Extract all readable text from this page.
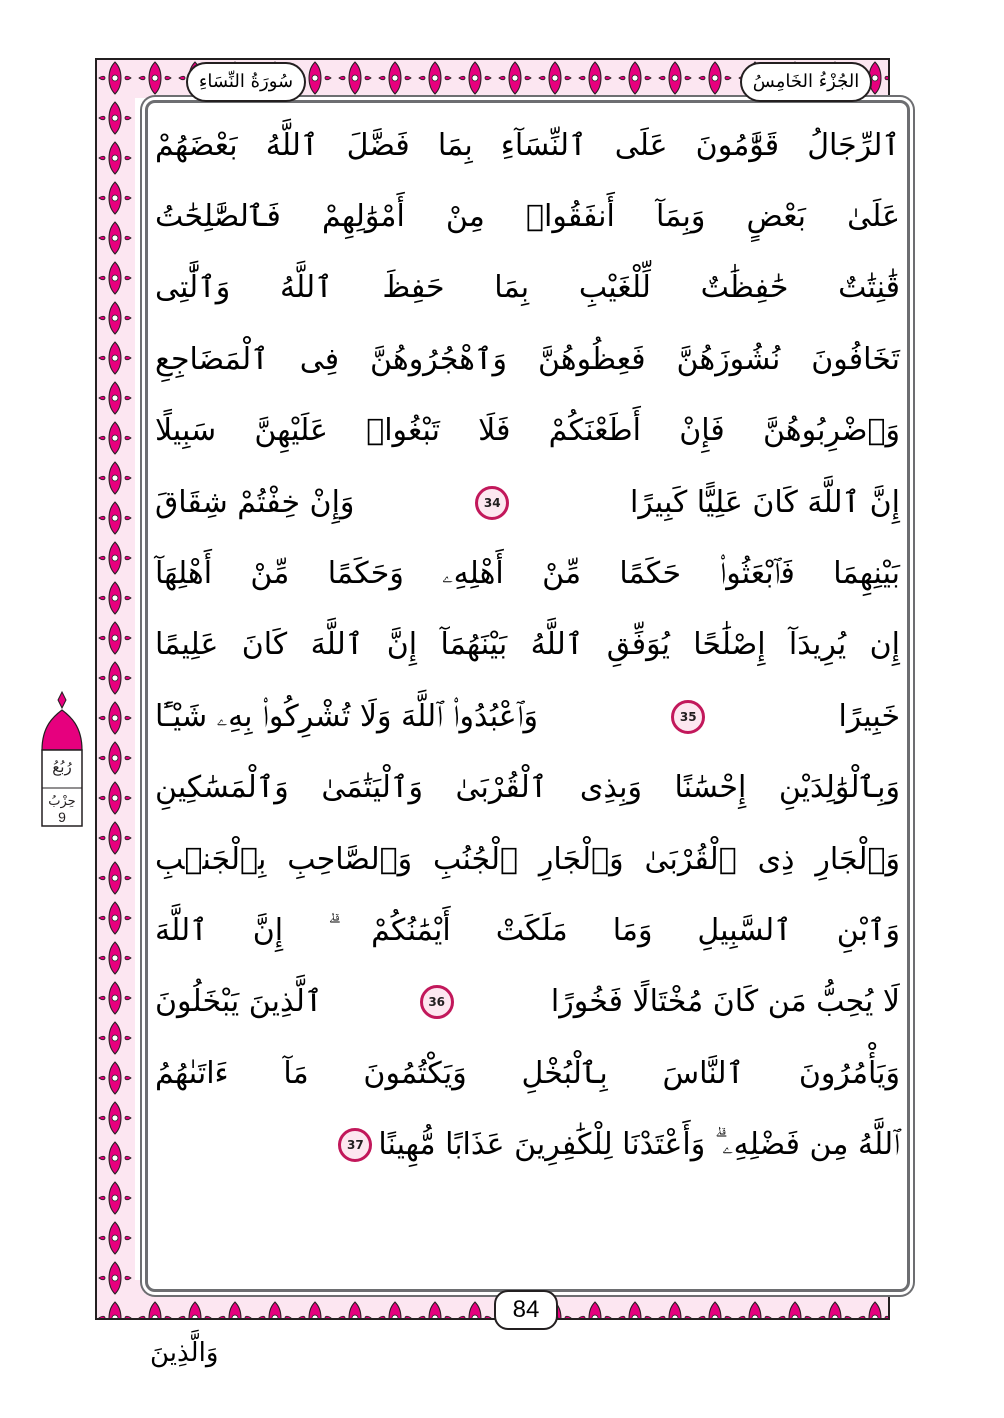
الجُزْءُ الخَامِسُ
سُورَةُ النِّسَاءِ
ٱلرِّجَالُ قَوَّٰمُونَ عَلَى ٱلنِّسَآءِ بِمَا فَضَّلَ ٱللَّهُ بَعْضَهُمْ
عَلَىٰ بَعْضٍ وَبِمَآ أَنفَقُوا۟ مِنْ أَمْوَٰلِهِمْ فَٱلصَّٰلِحَٰتُ
قَٰنِتَٰتٌ حَٰفِظَٰتٌ لِّلْغَيْبِ بِمَا حَفِظَ ٱللَّهُ وَٱلَّٰتِى
تَخَافُونَ نُشُوزَهُنَّ فَعِظُوهُنَّ وَٱهْجُرُوهُنَّ فِى ٱلْمَضَاجِعِ
وَٱضْرِبُوهُنَّ فَإِنْ أَطَعْنَكُمْ فَلَا تَبْغُوا۟ عَلَيْهِنَّ سَبِيلًا
إِنَّ ٱللَّهَ كَانَ عَلِيًّا كَبِيرًا
34
وَإِنْ خِفْتُمْ شِقَاقَ
بَيْنِهِمَا فَٱبْعَثُوا۟ حَكَمًا مِّنْ أَهْلِهِۦ وَحَكَمًا مِّنْ أَهْلِهَآ
إِن يُرِيدَآ إِصْلَٰحًا يُوَفِّقِ ٱللَّهُ بَيْنَهُمَآ إِنَّ ٱللَّهَ كَانَ عَلِيمًا
خَبِيرًا
35
وَٱعْبُدُوا۟ ٱللَّهَ وَلَا تُشْرِكُوا۟ بِهِۦ شَيْـًٔا
وَبِٱلْوَٰلِدَيْنِ إِحْسَٰنًا وَبِذِى ٱلْقُرْبَىٰ وَٱلْيَتَٰمَىٰ وَٱلْمَسَٰكِينِ
وَٱلْجَارِ ذِى ٱلْقُرْبَىٰ وَٱلْجَارِ ٱلْجُنُبِ وَٱلصَّاحِبِ بِٱلْجَنۢبِ
وَٱبْنِ ٱلسَّبِيلِ وَمَا مَلَكَتْ أَيْمَٰنُكُمْ ۗ إِنَّ ٱللَّهَ
لَا يُحِبُّ مَن كَانَ مُخْتَالًا فَخُورًا
36
ٱلَّذِينَ يَبْخَلُونَ
وَيَأْمُرُونَ ٱلنَّاسَ بِٱلْبُخْلِ وَيَكْتُمُونَ مَآ ءَاتَىٰهُمُ
ٱللَّهُ مِن فَضْلِهِۦ ۗ وَأَعْتَدْنَا لِلْكَٰفِرِينَ عَذَابًا مُّهِينًا
37
84
وَالَّذِينَ
رُبُعُ
حِزْبُ
9
